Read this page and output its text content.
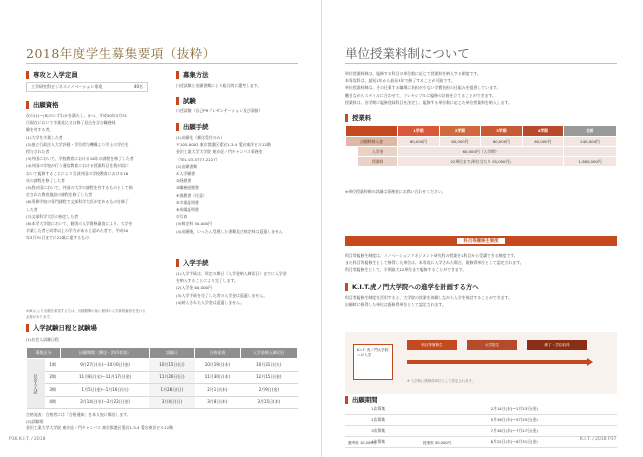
2018年度学生募集要項（抜粋）
専攻と入学定員
工学研究科ビジネスイノベーション専攻	40名
出願資格
次の(1)〜(8)のいずれかを満たし、かつ、平成30年3月31
日現在において卒業見込又は修了見込を含む職務経
験を有する者。
(1)大学を卒業した者
(2)独立行政法人大学評価・学位授与機構より学士の学位を
授与された者
(3)外国において、学校教育における16年の課程を修了した者
(4)外国の学校が行う通信教育における授業科目を我が国に
おいて履修することにより当該外国の学校教育における16
年の課程を修了した者
(5)我が国において、外国の大学の課程を有するものとして指
定された教育施設の課程を修了した者
(6)専修学校の専門課程で文部科学大臣が定めるものを修了
した者
(7)文部科学大臣の指定した者
(8)本学大学院において、個別の入学資格審査により、大学を
卒業した者と同等以上の学力があると認めた者で、平成30
年3月31日までに22歳に達するもの
※(8)により出願を希望する方は、出願期間の前に個別の入学資格審査を受ける必要があります。
募集方法
口述試験と出願書類により総合的に選考します。
試験
口述試験（自己PRプレゼンテーション及び面接）
出願手続
(1)出願先（郵送受付のみ）
〒105-0002 東京都港区愛宕1-3-4 愛宕東洋ビル12階
金沢工業大学大学院 東京虎ノ門キャンパス事務室
（TEL 03-5777-2227）
(2)出願書類
①入学願書
②経歴書
③職務経歴書
④推薦書（任意）
⑤卒業証明書
⑥成績証明書
⑦写真
(3)検定料 30,000円
(4)出願後、いったん受理した書類及び検定料は返還しません
入学手続
(1)入学手続は、所定の期日（入学金納入締切日）までに入学金
を納入することにより完了します。
(2)入学金 60,000円
(3)入学手続を完了した者の入学金は返還しません。
(4)納入された入学金は返還しません。
入学試験日程と試験場
(1)社会人試験日程
募集区分		出願期間（郵送・消印有効）	試験日	合格発表	入学金納入締切日
社会人入試	1期	9月27日(水)〜10月6日(金)	10月15日(日)	10月19日(木)	10月31日(火)
	2期	11月8日(水)〜11月17日(金)	11月26日(日)	11月30日(木)	12月15日(金)
	3期	1月5日(金)〜1月16日(火)	1月28日(日)	2月1日(木)	2月9日(金)
	4期	2月14日(水)〜2月23日(金)	3月4日(日)	3月8日(木)	3月15日(木)
合格発表：合格者には「合格通知」を本人宛に郵送します。
(2)試験場
金沢工業大学大学院 東京虎ノ門キャンパス 東京都港区愛宕1-3-4 愛宕東洋ビル12階
P36 K.I.T. / 2018
単位授業料制について
単位授業料制は、履修する科目の単位数に応じて授業料を納入する制度です。
本専攻科は、最短1年から最長3年で修了することが可能です。
単位授業料制は、その仕事する職場に負担が少ない学費負担の仕組みを提供しています。
働きながらスタイルに合わせて、フレキシブルに履修の計画を立てることができます。
授業料は、各学期に履修登録科目を決定し、履修する単位数に応じた単位授業料を納入します。
授業料
		1学期	2学期	3学期	4学期	合計
出願時納入金		60,000円	60,000円	60,000円	60,000円	240,000円
	入学金	60,000円（入学時）				
	授業料	22単位まで(単位当たり 55,000円)				1,980,000円
※単位授業料制の詳細は事務室にお問い合わせください。
科目等履修生制度
科目等履修生制度は、イノベーションマネジメント研究科の授業を1科目から受講できる制度です。
また科目等履修生として修得した単位は、本専攻に入学された場合、既修得単位として認定されます。
科目等履修生として、半期最大12単位まで履修することができます。
K.I.T.虎ノ門大学院への進学を計画する方へ
科目等履修生制度を活用すると、大学院の授業を体験しながら入学を検討することができます。
出願時に修得した単位は既修得単位として認定されます。
K.I.T. 虎ノ門大学院への入学
科目等履修生	大学院生	修了・学位取得
※ 入学時に既修得単位として認定されます。
出願期間
1次募集	2月14日(水)〜2月23日(金)
2次募集	5月16日(水)〜5月25日(金)
3次募集	7月18日(水)〜7月27日(金)
4次募集	8月22日(水)〜8月31日(金)
選考料 10,000円	授業料 30,000円
K.I.T. / 2018 P37
